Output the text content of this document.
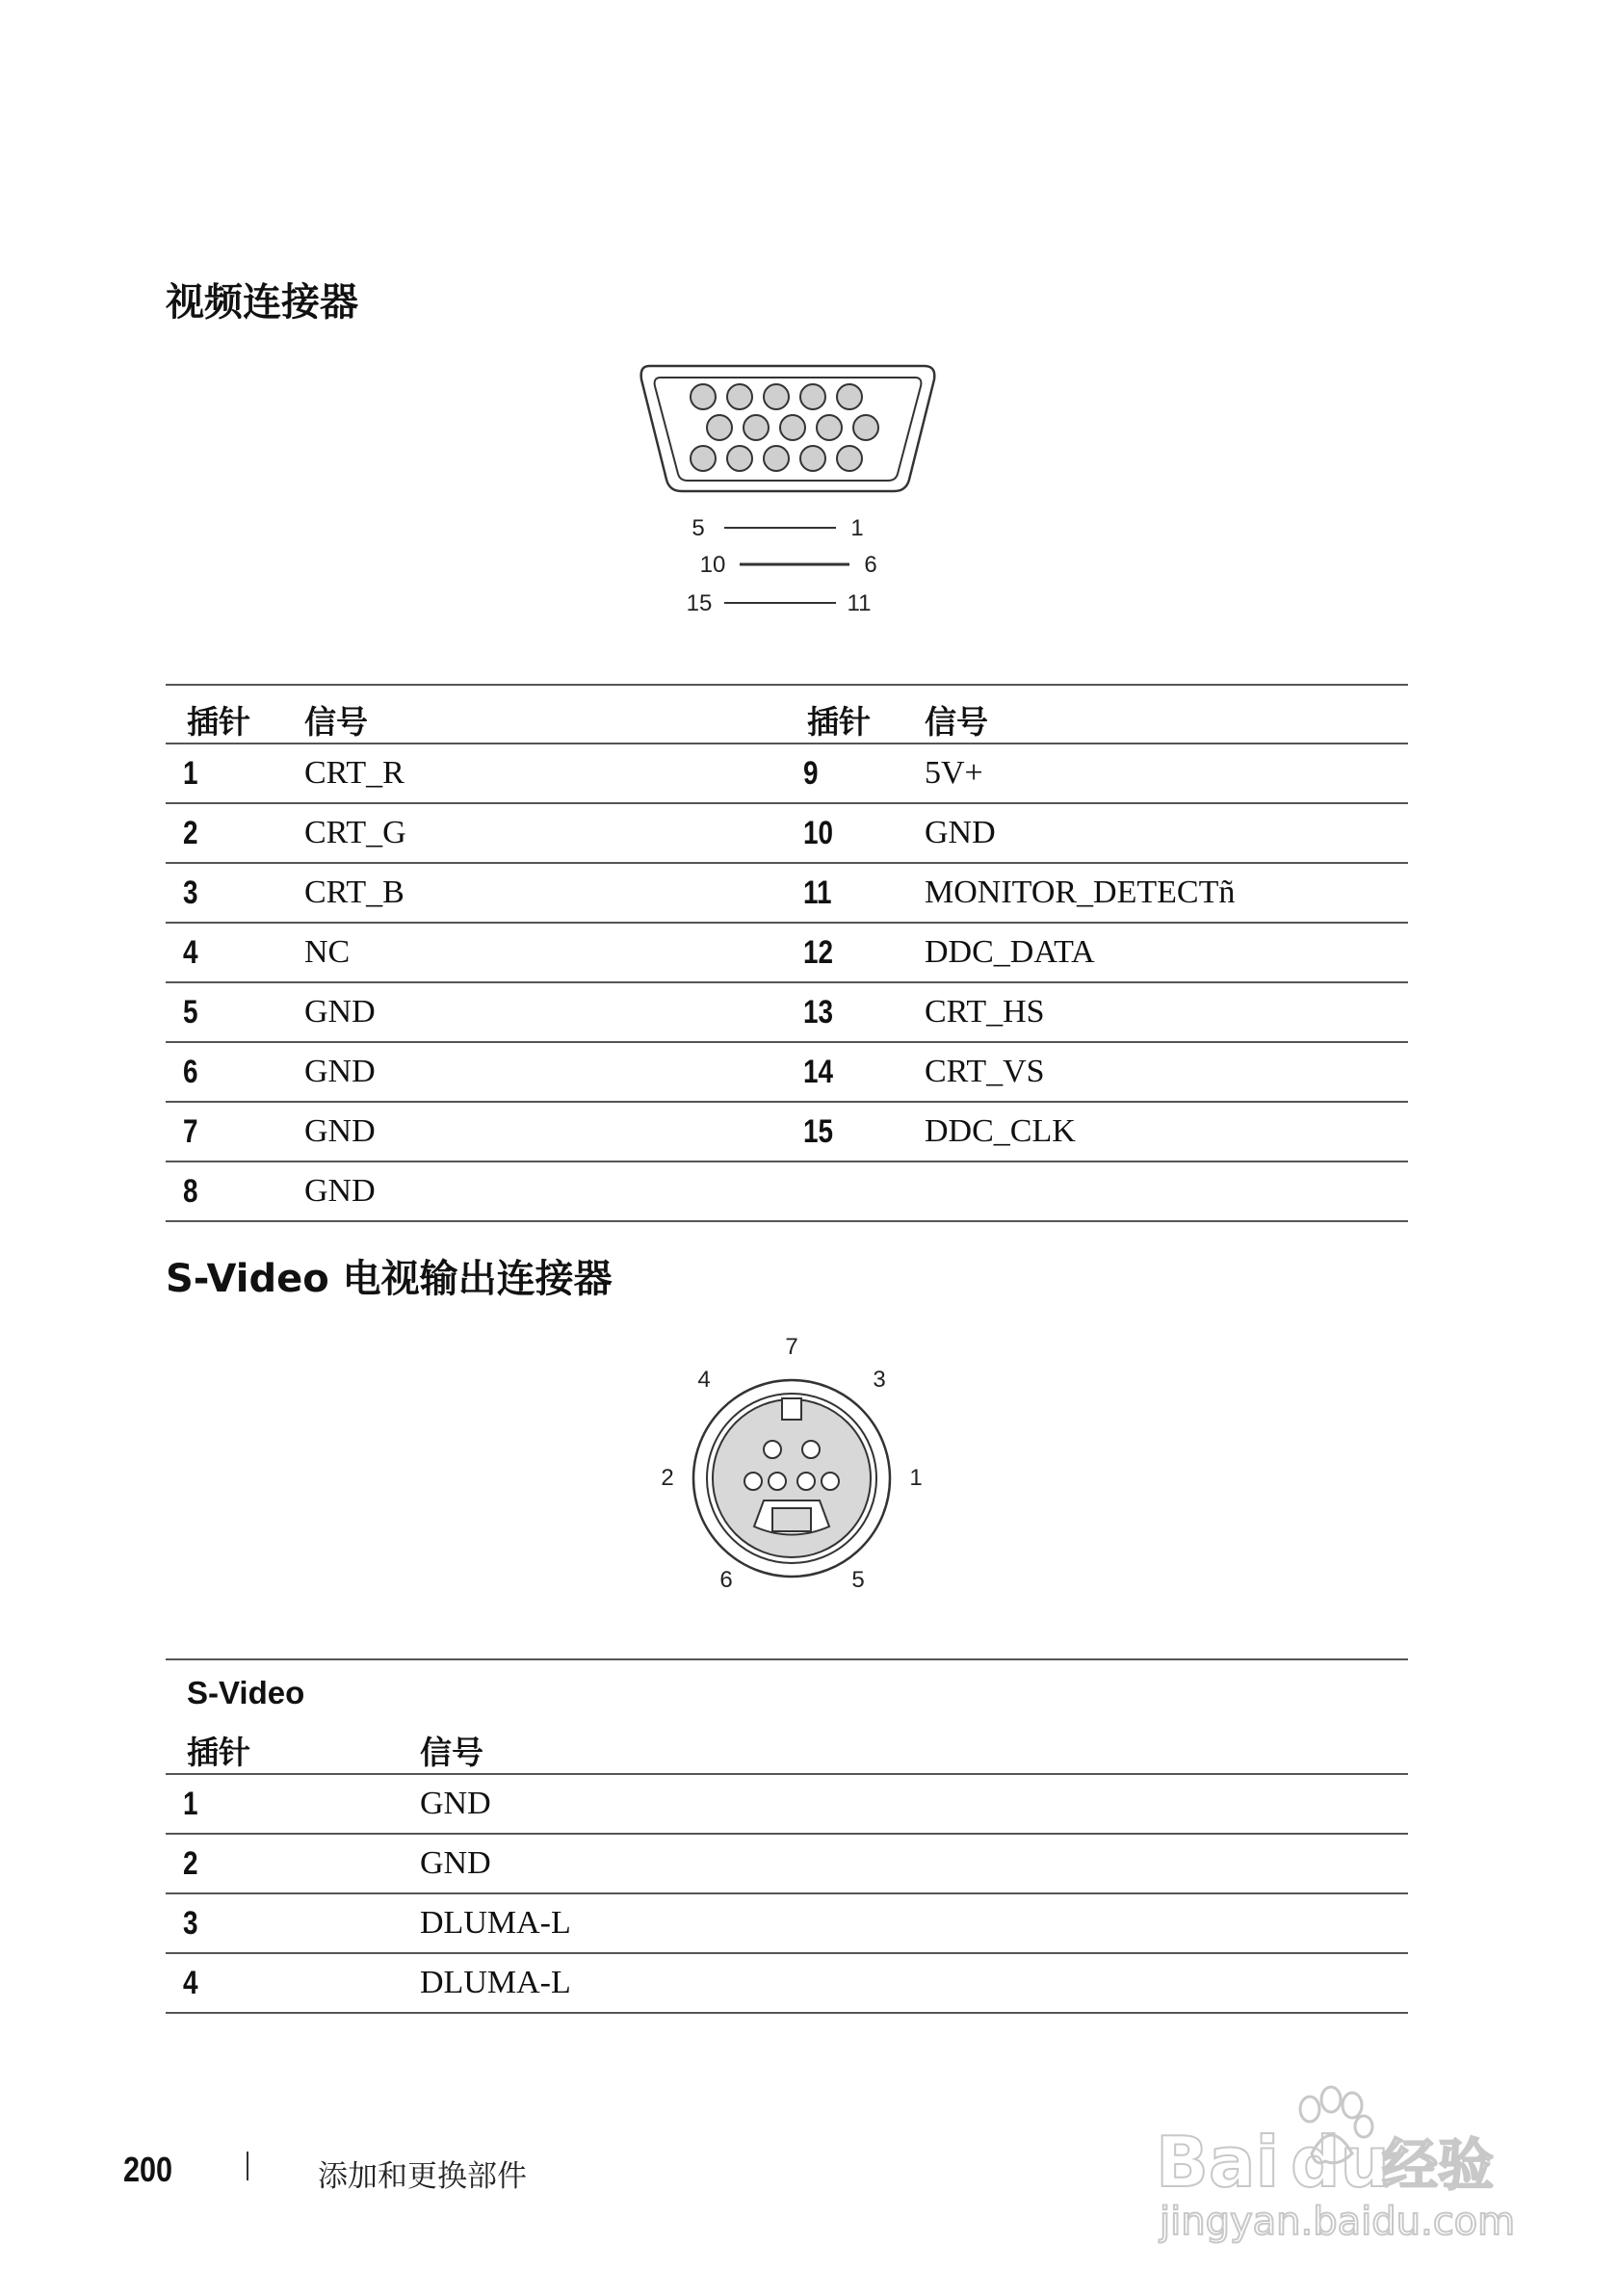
视频连接器
5	1
10	6
15	11
插针	信号	插针	信号
1	CRT_R	9	5V+
2	CRT_G	10	GND
3	CRT_B	11	MONITOR_DETECTñ
4	NC	12	DDC_DATA
5	GND	13	CRT_HS
6	GND	14	CRT_VS
7	GND	15	DDC_CLK
8	GND		
S-Video 电视输出连接器
7
4	3
2	1
6	5
S-Video	
插针	信号
1	GND
2	GND
3	DLUMA-L
4	DLUMA-L
200	添加和更换部件	Bai du
经验
jingyan.baidu.com
